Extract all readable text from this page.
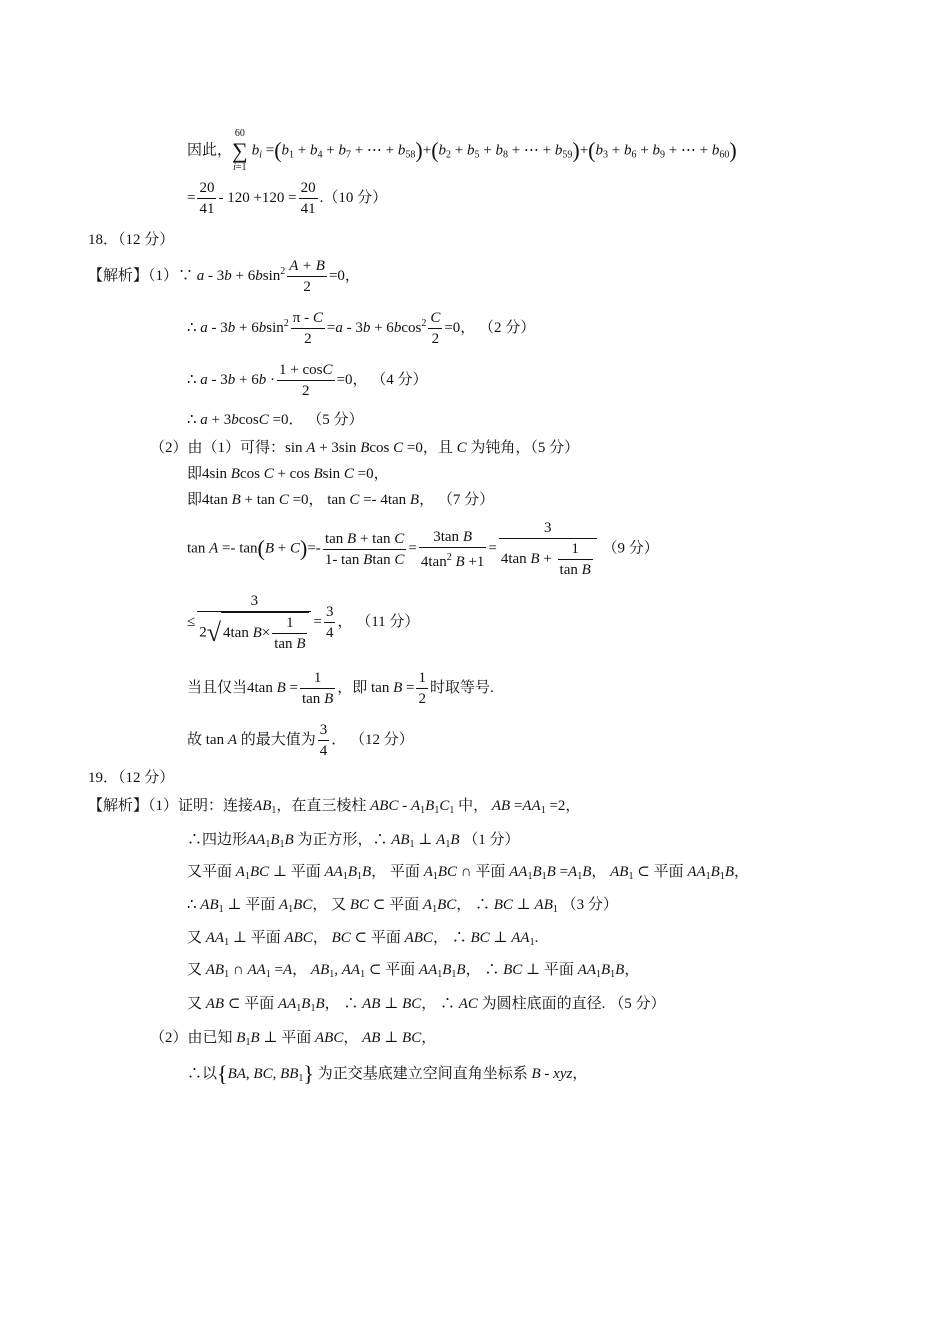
因此，
60
∑
i=1
$b_i =(b_1 + b_4 + b_7$ + ⋯ + $b_{58})+(b_2 + b_5 + b_8$ + ⋯ + $b_{59})+(b_3 + b_6 + b_9$ + ⋯ + $b_{60}$)
= $\frac{20}{41} - 120 +120 = \frac{20}{41} .(10$ 分）
18．（12 分）
【解析】（1）∵ $a - 3b + 6bsin^2 \frac{A + B}{2} =0$，
∴ $a - 3b + 6bsin^2 \frac{\pi - C}{2} =a - 3b + 6bcos^2 \frac{C}{2} =0$， （2 分）
∴ $a - 3b + 6b \cdot \frac{1 + \cos C}{2} =0$， （4 分）
∴ a + 3bcosC =0． （5 分）
（2）由（1）可得：sin A + 3sin Bcos C =0，且 C 为钝角，（5 分）
即4sin Bcos C + cos Bsin C =0，
即4tan B + tan C =0， tan C =- 4tan B， （7 分）
$\tan A =- \tan(B + C)=- \frac{\text{tan B + tan C}}{\text{1- tan Btan C}} = \frac{\text{3tan B}}{4\tan^2 B +1} = \frac{3}{4\tan B + \frac{1}{\text{tan B}}} (9$ 分）
≤ $\frac{3}{2√ 4\tan B\times \frac{1}{\text{tan B}}} = \frac{3}{4}$ ， （11 分）
当且仅当4tan $B = \frac{1}{\text{tan B}}$ ，即 $\tan B = \frac{1}{2}$ 时取等号.
故 tan A 的最大值为 $\frac{3}{4}$ ． （12 分）
19．（12 分）
【解析】（1）证明：连接$AB_1$，在直三棱柱 ABC - $A_1B_1C_1$ 中， AB $=AA_1 =2$，
∴四边形$AA_1B_1B$ 为正方形，∴ $AB_1$ ⊥ $A_1B$ （1 分）
又平面 $A_1BC$ ⊥ 平面 $AA_1B_1B$， 平面 $A_1BC$ ∩ 平面 $AA_1B_1B =A_1B$， $AB_1$ ⊂ 平面 $AA_1B_1B$，
∴ $AB_1$ ⊥ 平面 $A_1BC$， 又 BC ⊂ 平面 $A_1BC$， ∴ BC ⊥ $AB_1$ （3 分）
又 $AA_1$ ⊥ 平面 ABC， BC ⊂ 平面 ABC， ∴ BC ⊥ $AA_1$.
又 $AB_1$ ∩ $AA_1 =A$， $AB_1$, $AA_1$ ⊂ 平面 $AA_1B_1B$， ∴ BC ⊥ 平面 $AA_1B_1B$，
又 AB ⊂ 平面 $AA_1B_1B$， ∴ AB ⊥ BC， ∴ AC 为圆柱底面的直径. （5 分）
（2）由已知 $B_1B$ ⊥ 平面 ABC， AB ⊥ BC，
∴以{BA, BC, $BB_1$} 为正交基底建立空间直角坐标系 B - xyz，
